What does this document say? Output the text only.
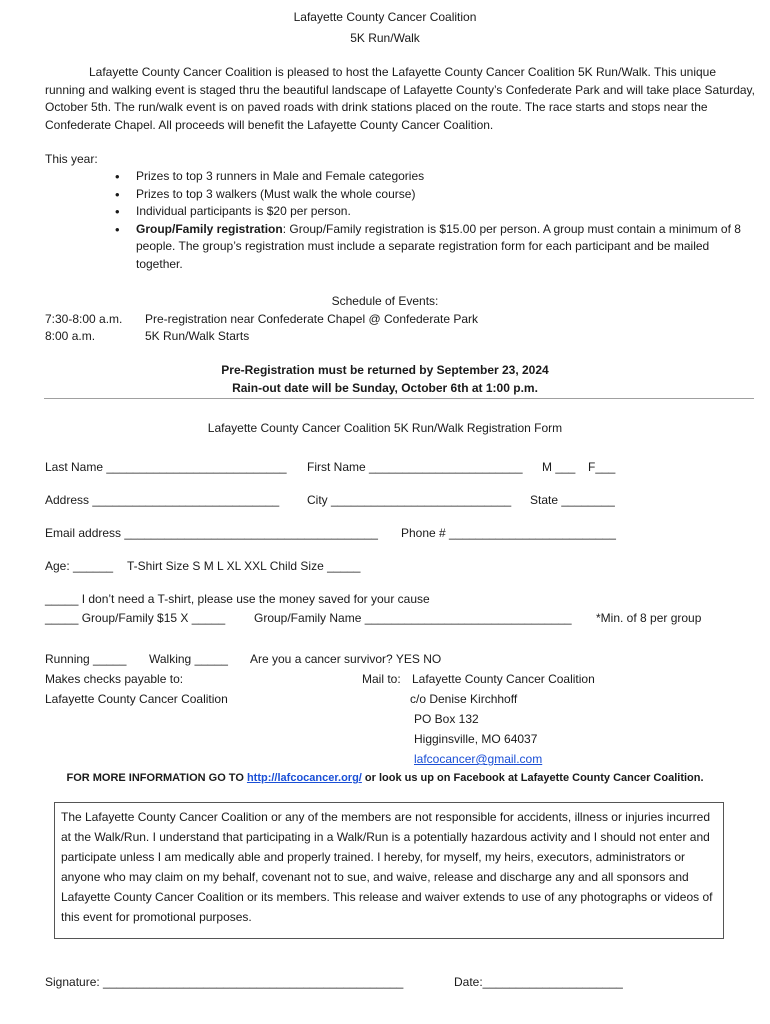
Lafayette County Cancer Coalition
5K Run/Walk
Lafayette County Cancer Coalition is pleased to host the Lafayette County Cancer Coalition 5K Run/Walk. This unique running and walking event is staged thru the beautiful landscape of Lafayette County’s Confederate Park and will take place Saturday, October 5th. The run/walk event is on paved roads with drink stations placed on the route. The race starts and stops near the Confederate Chapel. All proceeds will benefit the Lafayette County Cancer Coalition.
This year:
• Prizes to top 3 runners in Male and Female categories
• Prizes to top 3 walkers (Must walk the whole course)
• Individual participants is $20 per person.
• Group/Family registration: Group/Family registration is $15.00 per person. A group must contain a minimum of 8 people. The group’s registration must include a separate registration form for each participant and be mailed together.
Schedule of Events:
7:30-8:00 a.m. Pre-registration near Confederate Chapel @ Confederate Park
8:00 a.m.	5K Run/Walk Starts
Pre-Registration must be returned by September 23, 2024
Rain-out date will be Sunday, October 6th at 1:00 p.m.
Lafayette County Cancer Coalition 5K Run/Walk Registration Form
Last Name ___________________________ First Name _______________________ M ___ F___
Address ____________________________ City ___________________________ State ________
Email address ______________________________________ Phone # _________________________
Age: ______ T-Shirt Size S M L XL XXL Child Size _____
_____ I don’t need a T-shirt, please use the money saved for your cause
_____ Group/Family $15 X _____ Group/Family Name _______________________________ *Min. of 8 per group
Running _____ Walking _____ Are you a cancer survivor? YES NO
Makes checks payable to:
Lafayette County Cancer Coalition
Mail to: Lafayette County Cancer Coalition
c/o Denise Kirchhoff
PO Box 132
Higginsville, MO 64037
lafcocancer@gmail.com
FOR MORE INFORMATION GO TO http://lafcocancer.org/ or look us up on Facebook at Lafayette County Cancer Coalition.
The Lafayette County Cancer Coalition or any of the members are not responsible for accidents, illness or injuries incurred at the Walk/Run. I understand that participating in a Walk/Run is a potentially hazardous activity and I should not enter and participate unless I am medically able and properly trained. I hereby, for myself, my heirs, executors, administrators or anyone who may claim on my behalf, covenant not to sue, and waive, release and discharge any and all sponsors and Lafayette County Cancer Coalition or its members. This release and waiver extends to use of any photographs or videos of this event for promotional purposes.
Signature: _____________________________________________	Date:_____________________
